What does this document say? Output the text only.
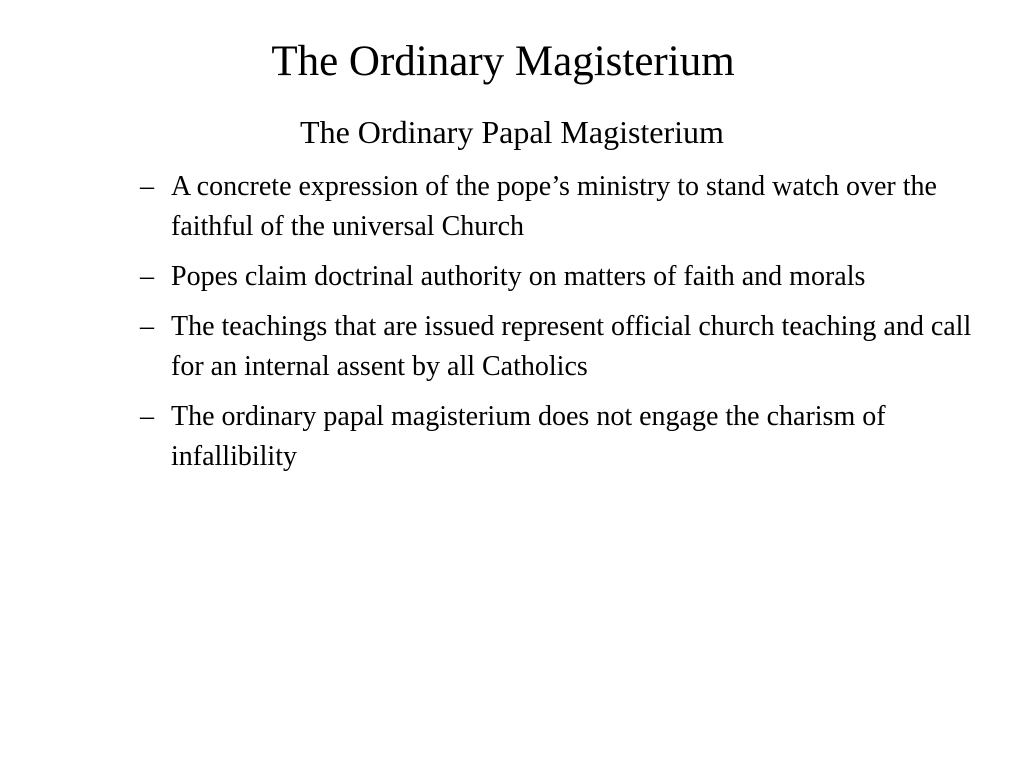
The Ordinary Magisterium
The Ordinary Papal Magisterium
– A concrete expression of the pope’s ministry to stand watch over the faithful of the universal Church
– Popes claim doctrinal authority on matters of faith and morals
– The teachings that are issued represent official church teaching and call for an internal assent by all Catholics
– The ordinary papal magisterium does not engage the charism of infallibility
